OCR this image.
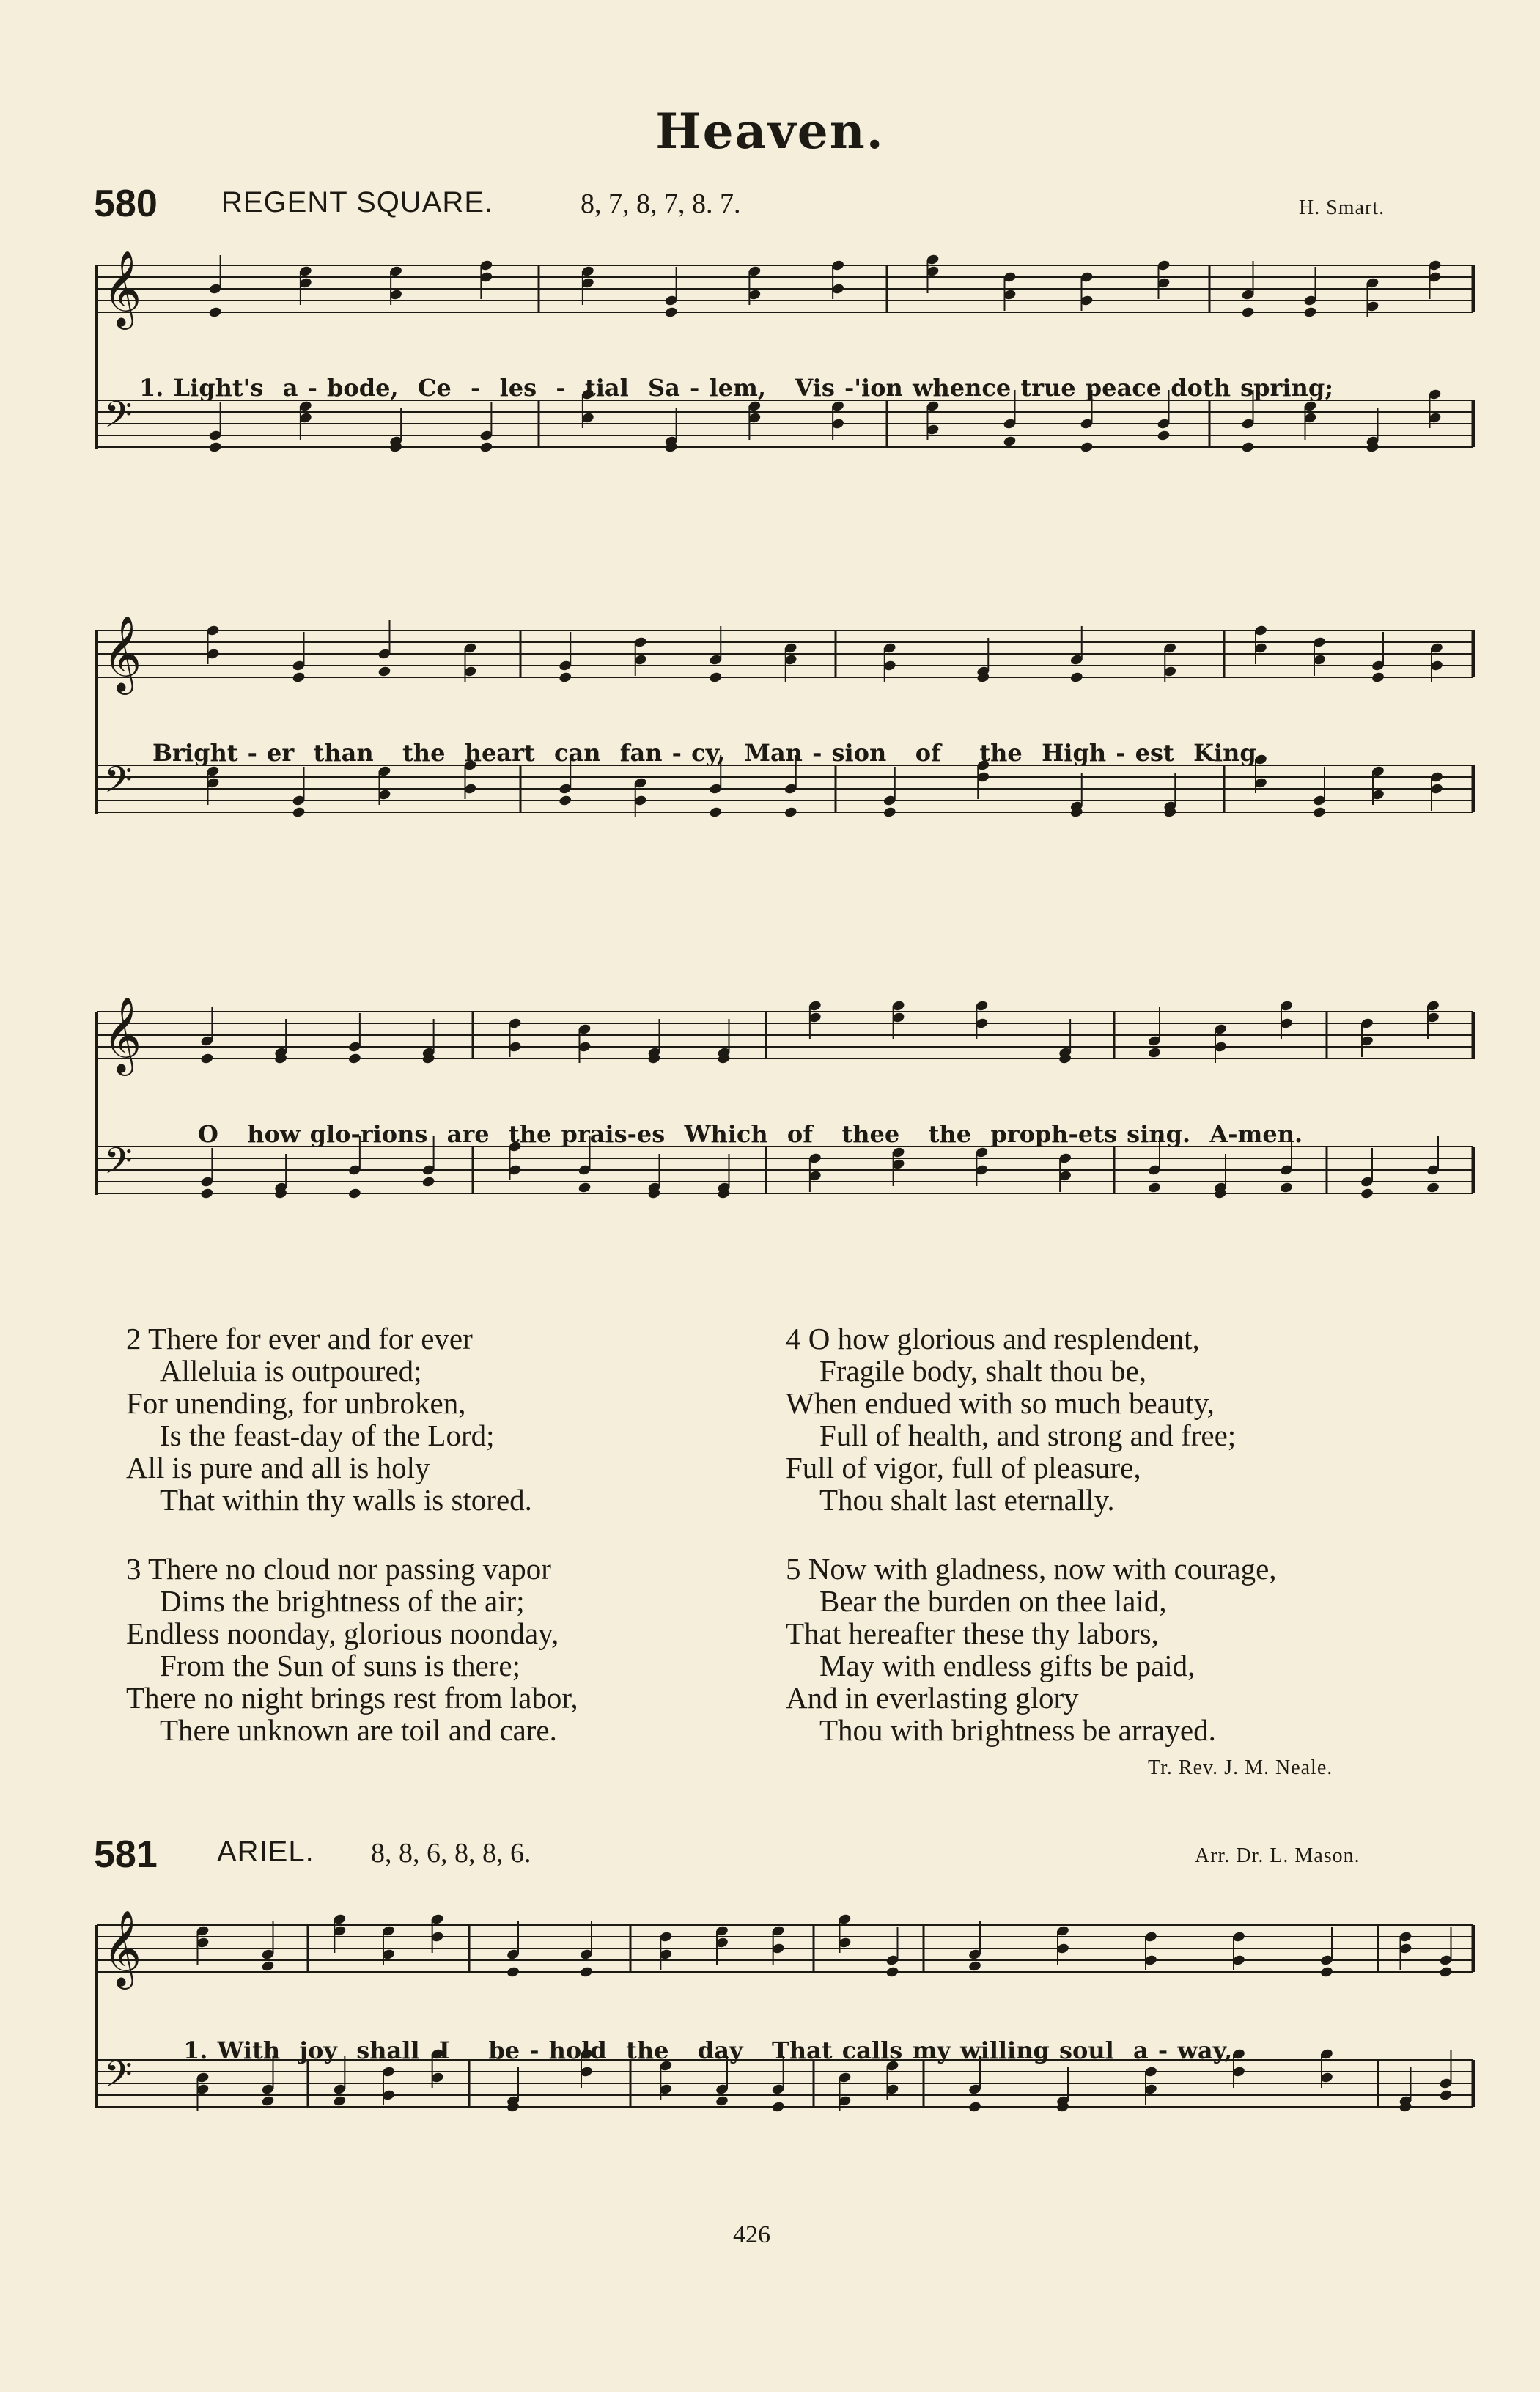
Heaven.
580 REGENT SQUARE.	8, 7, 8, 7, 8. 7.	H. Smart.
𝄞
𝄢
𝄞
𝄢
𝄞
𝄢
𝄞
𝄢
1. Light's  a - bode,  Ce  -  les  -  tial  Sa - lem,   Vis -'ion whence true peace doth spring;
Bright - er  than   the  heart  can  fan - cy,  Man - sion   of    the  High - est  King.
O   how glo-rions  are  the prais-es  Which  of   thee   the  proph-ets sing.  A-men.
2 There for ever and for ever
Alleluia is outpoured;
For unending, for unbroken,
Is the feast-day of the Lord;
All is pure and all is holy
That within thy walls is stored.
3 There no cloud nor passing vapor
Dims the brightness of the air;
Endless noonday, glorious noonday,
From the Sun of suns is there;
There no night brings rest from labor,
There unknown are toil and care.
4 O how glorious and resplendent,
Fragile body, shalt thou be,
When endued with so much beauty,
Full of health, and strong and free;
Full of vigor, full of pleasure,
Thou shalt last eternally.
5 Now with gladness, now with courage,
Bear the burden on thee laid,
That hereafter these thy labors,
May with endless gifts be paid,
And in everlasting glory
Thou with brightness be arrayed.
Tr. Rev. J. M. Neale.
581 ARIEL. 8, 8, 6, 8, 8, 6.	Arr. Dr. L. Mason.
1. With  joy  shall  I    be - hold  the   day   That calls my willing soul  a - way,
426
